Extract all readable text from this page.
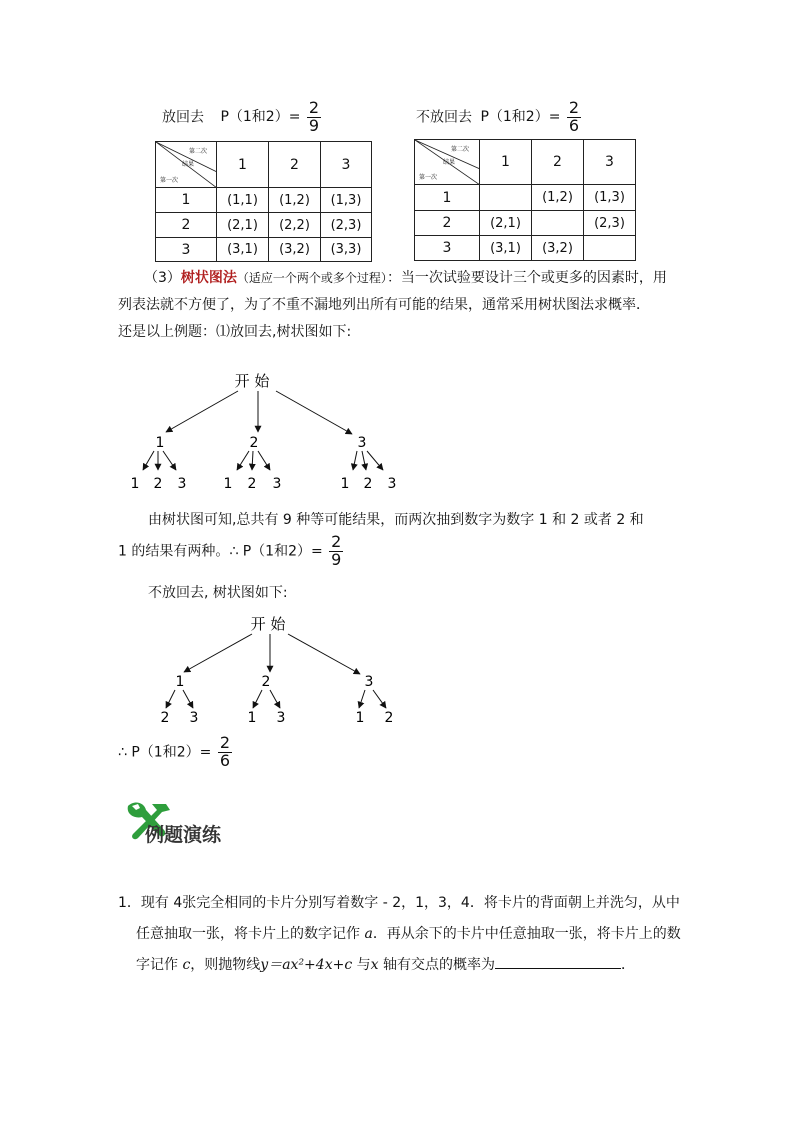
放回去 P（1和$2)= \frac{2}{9}$	不放回去 P（1和$2)= \frac{2}{6}$
第二次
结果
第一次	1	2	3
1	(1,1)	(1,2)	(1,3)
2	(2,1)	(2,2)	(2,3)
3	(3,1)	(3,2)	(3,3)
第二次
结果
第一次	1	2	3
1		(1,2)	(1,3)
2	(2,1)		(2,3)
3	(3,1)	(3,2)	
（3）树状图法（适应一个两个或多个过程）：当一次试验要设计三个或更多的因素时，用
列表法就不方便了，为了不重不漏地列出所有可能的结果，通常采用树状图法求概率．
还是以上例题：⑴放回去,树状图如下:
开 始
1	2	3
1 2 3	1 2 3	1 2 3
由树状图可知,总共有 9 种等可能结果，而两次抽到数字为数字 1 和 2 或者 2 和
1 的结果有两种。∴ P（1和$2)= \frac{2}{9}$
不放回去, 树状图如下:
开 始
1	2	3
2 3	1 3	1 2
∴ P（1和$2)= \frac{2}{6}$
例题演练
1．现有 4张完全相同的卡片分别写着数字 - 2，1，3，4．将卡片的背面朝上并洗匀，从中
任意抽取一张，将卡片上的数字记作 a．再从余下的卡片中任意抽取一张，将卡片上的数
字记作 c，则抛物线y＝ax²+4x+c 与x 轴有交点的概率为	．
